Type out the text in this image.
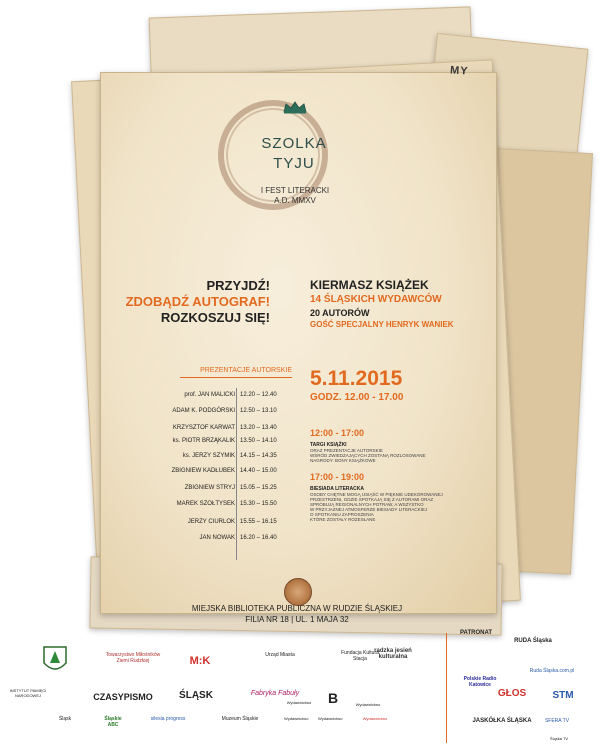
MY
SZOLKA
TYJU
I FEST LITERACKI
A.D. MMXV
PRZYJDŹ!
ZDOBĄDŹ AUTOGRAF!
ROZKOSZUJ SIĘ!
KIERMASZ KSIĄŻEK
14 ŚLĄSKICH WYDAWCÓW
20 AUTORÓW
GOŚĆ SPECJALNY HENRYK WANIEK
PREZENTACJE AUTORSKIE
prof. JAN MALICKI 12.20 – 12.40
ADAM K. PODGÓRSKI 12.50 – 13.10
KRZYSZTOF KARWAT 13.20 – 13.40
ks. PIOTR BRZĄKALIK 13.50 – 14.10
ks. JERZY SZYMIK 14.15 – 14.35
ZBIGNIEW KADŁUBEK 14.40 – 15.00
ZBIGNIEW STRYJ 15.05 – 15.25
MAREK SZOŁTYSEK 15.30 – 15.50
JERZY CIURLOK 15.55 – 16.15
JAN NOWAK 16.20 – 16.40
5.11.2015
GODZ. 12.00 - 17.00
12:00 - 17:00
TARGI KSIĄŻKI
ORAZ PREZENTACJE AUTORSKIE
WŚRÓD ZWIEDZAJĄCYCH ZOSTANĄ ROZLOSOWANE
NAGRODY: BONY KSIĄŻKOWE
17:00 - 19:00
BIESIADA LITERACKA
OSOBY CHĘTNE MOGĄ USIĄŚĆ W PIĘKNIE UDEKOROWANEJ
PRZESTRZENI, GDZIE SPOTKAJĄ SIĘ Z AUTORAMI ORAZ
SPRÓBUJĄ REGIONALNYCH POTRAW, A WSZYSTKO
W PRZYJAZNEJ ATMOSFERZE BIESIADY LITERACKIEJ
O SPOTKANIU ZAPROSZENIA
KTÓRE ZOSTAŁY ROZESŁANE
MIEJSKA BIBLIOTEKA PUBLICZNA W RUDZIE ŚLĄSKIEJ
FILIA NR 18 | UL. 1 MAJA 32
PATRONAT
Towarzystwo Miłośników Ziemi Rudzkiej	M:K	Urząd Miasta	Fundacja Kultura Stacja
radzka jesień kulturalna
INSTYTUT PAMIĘCI NARODOWEJ	CZASYPISMO	ŚLĄSK	Fabryka Fabuły
Wydawnictwo	B	Wydawnictwo
Śląsk	Śląskie ABC
silesia progress	Muzeum Śląskie	Wydawnictwo Wydawnictwo	Wydawnictwo
RUDA Śląska
Ruda Śląska.com.pl
Polskie Radio Katowice
GŁOS	STM
JASKÓŁKA ŚLĄSKA	SFERA TV
Śląska TV
